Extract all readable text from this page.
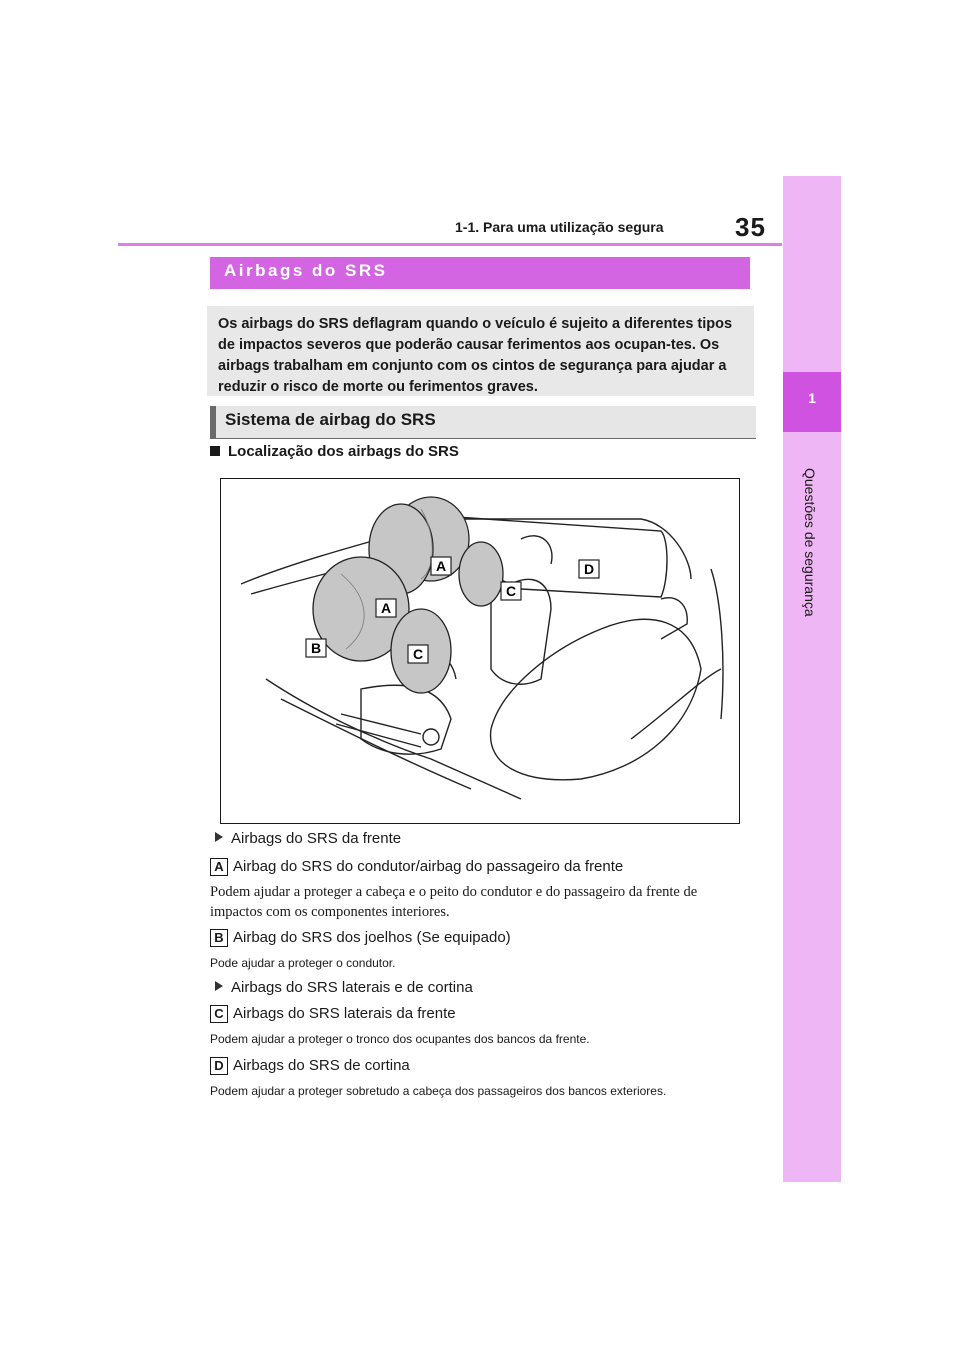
1-1. Para uma utilização segura	35
1
Questões de segurança
Airbags do SRS
Os airbags do SRS deflagram quando o veículo é sujeito a diferentes tipos de impactos severos que poderão causar ferimentos aos ocupan-tes. Os airbags trabalham em conjunto com os cintos de segurança para ajudar a reduzir o risco de morte ou ferimentos graves.
Sistema de airbag do SRS
Localização dos airbags do SRS
A
A
B	C
C
D
Airbags do SRS da frente
A Airbag do SRS do condutor/airbag do passageiro da frente
Podem ajudar a proteger a cabeça e o peito do condutor e do passageiro da frente de impactos com os componentes interiores.
B Airbag do SRS dos joelhos (Se equipado)
Pode ajudar a proteger o condutor.
Airbags do SRS laterais e de cortina
C Airbags do SRS laterais da frente
Podem ajudar a proteger o tronco dos ocupantes dos bancos da frente.
D Airbags do SRS de cortina
Podem ajudar a proteger sobretudo a cabeça dos passageiros dos bancos exteriores.
